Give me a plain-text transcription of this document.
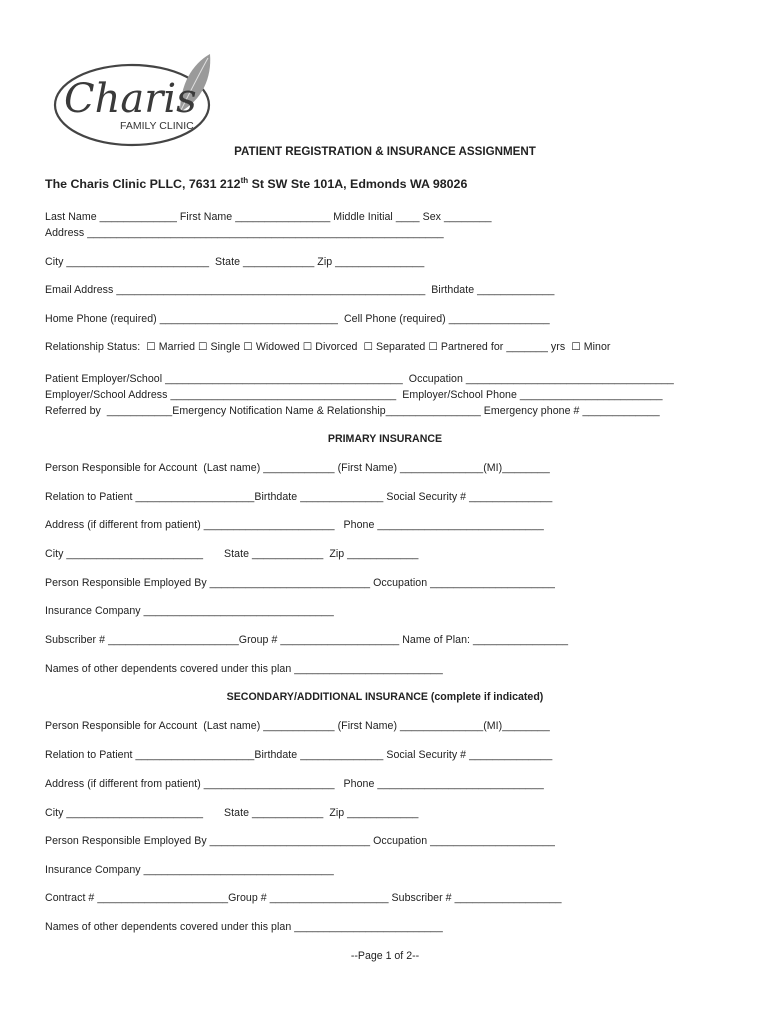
Charis
FAMILY CLINIC
PATIENT REGISTRATION & INSURANCE ASSIGNMENT
The Charis Clinic PLLC, 7631 212th St SW Ste 101A, Edmonds WA 98026
Last Name _____________ First Name ________________ Middle Initial ____ Sex ________
Address ____________________________________________________________
City ________________________  State ____________ Zip _______________
Email Address ____________________________________________________  Birthdate _____________
Home Phone (required) ______________________________  Cell Phone (required) _________________
Relationship Status:  ☐ Married ☐ Single ☐ Widowed ☐ Divorced  ☐ Separated ☐ Partnered for _______ yrs  ☐ Minor
Patient Employer/School ________________________________________  Occupation ___________________________________
Employer/School Address ______________________________________  Employer/School Phone ________________________
Referred by  ___________Emergency Notification Name & Relationship________________ Emergency phone # _____________
PRIMARY INSURANCE
Person Responsible for Account  (Last name) ____________ (First Name) ______________(MI)________
Relation to Patient ____________________Birthdate ______________ Social Security # ______________
Address (if different from patient) ______________________   Phone ____________________________
City _______________________       State ____________  Zip ____________
Person Responsible Employed By ___________________________ Occupation _____________________
Insurance Company ________________________________
Subscriber # ______________________Group # ____________________ Name of Plan: ________________
Names of other dependents covered under this plan _________________________
SECONDARY/ADDITIONAL INSURANCE (complete if indicated)
Person Responsible for Account  (Last name) ____________ (First Name) ______________(MI)________
Relation to Patient ____________________Birthdate ______________ Social Security # ______________
Address (if different from patient) ______________________   Phone ____________________________
City _______________________       State ____________  Zip ____________
Person Responsible Employed By ___________________________ Occupation _____________________
Insurance Company ________________________________
Contract # ______________________Group # ____________________ Subscriber # __________________
Names of other dependents covered under this plan _________________________
--Page 1 of 2--
